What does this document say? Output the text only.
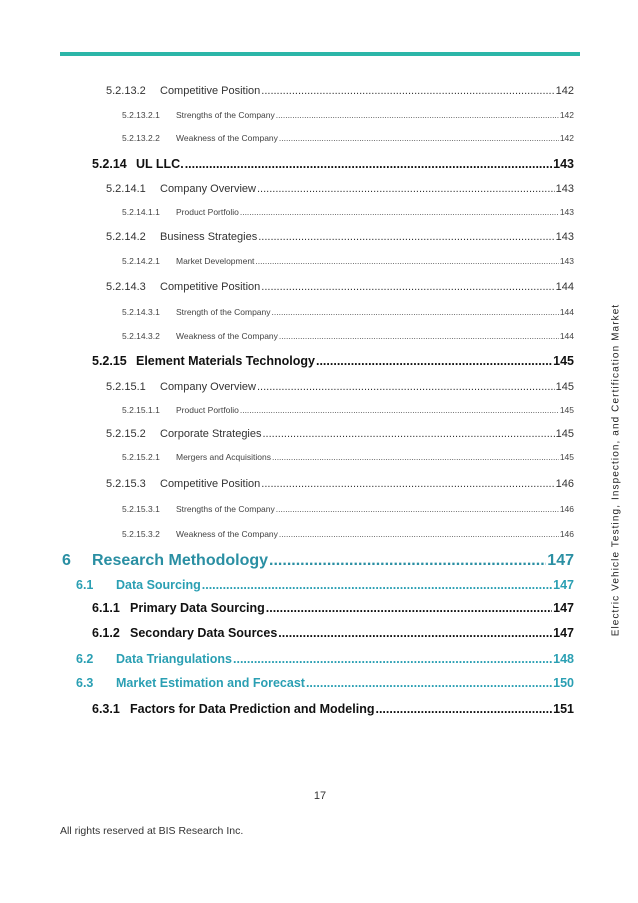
5.2.13.2	Competitive Position .....	142
5.2.13.2.1	Strengths of the Company .....	142
5.2.13.2.2	Weakness of the Company .....	142
5.2.14 UL LLC. .....	143
5.2.14.1	Company Overview .....	143
5.2.14.1.1	Product Portfolio .....	143
5.2.14.2	Business Strategies .....	143
5.2.14.2.1	Market Development .....	143
5.2.14.3	Competitive Position .....	144
5.2.14.3.1	Strength of the Company .....	144
5.2.14.3.2	Weakness of the Company .....	144
5.2.15 Element Materials Technology .....	145
5.2.15.1	Company Overview .....	145
5.2.15.1.1	Product Portfolio .....	145
5.2.15.2	Corporate Strategies .....	145
5.2.15.2.1	Mergers and Acquisitions .....	145
5.2.15.3	Competitive Position .....	146
5.2.15.3.1	Strengths of the Company .....	146
5.2.15.3.2	Weakness of the Company .....	146
6	Research Methodology .....	147
6.1	Data Sourcing .....	147
6.1.1 Primary Data Sourcing .....	147
6.1.2 Secondary Data Sources .....	147
6.2	Data Triangulations .....	148
6.3	Market Estimation and Forecast .....	150
6.3.1 Factors for Data Prediction and Modeling .....	151
Electric Vehicle Testing, Inspection, and Certification Market
17
All rights reserved at BIS Research Inc.
